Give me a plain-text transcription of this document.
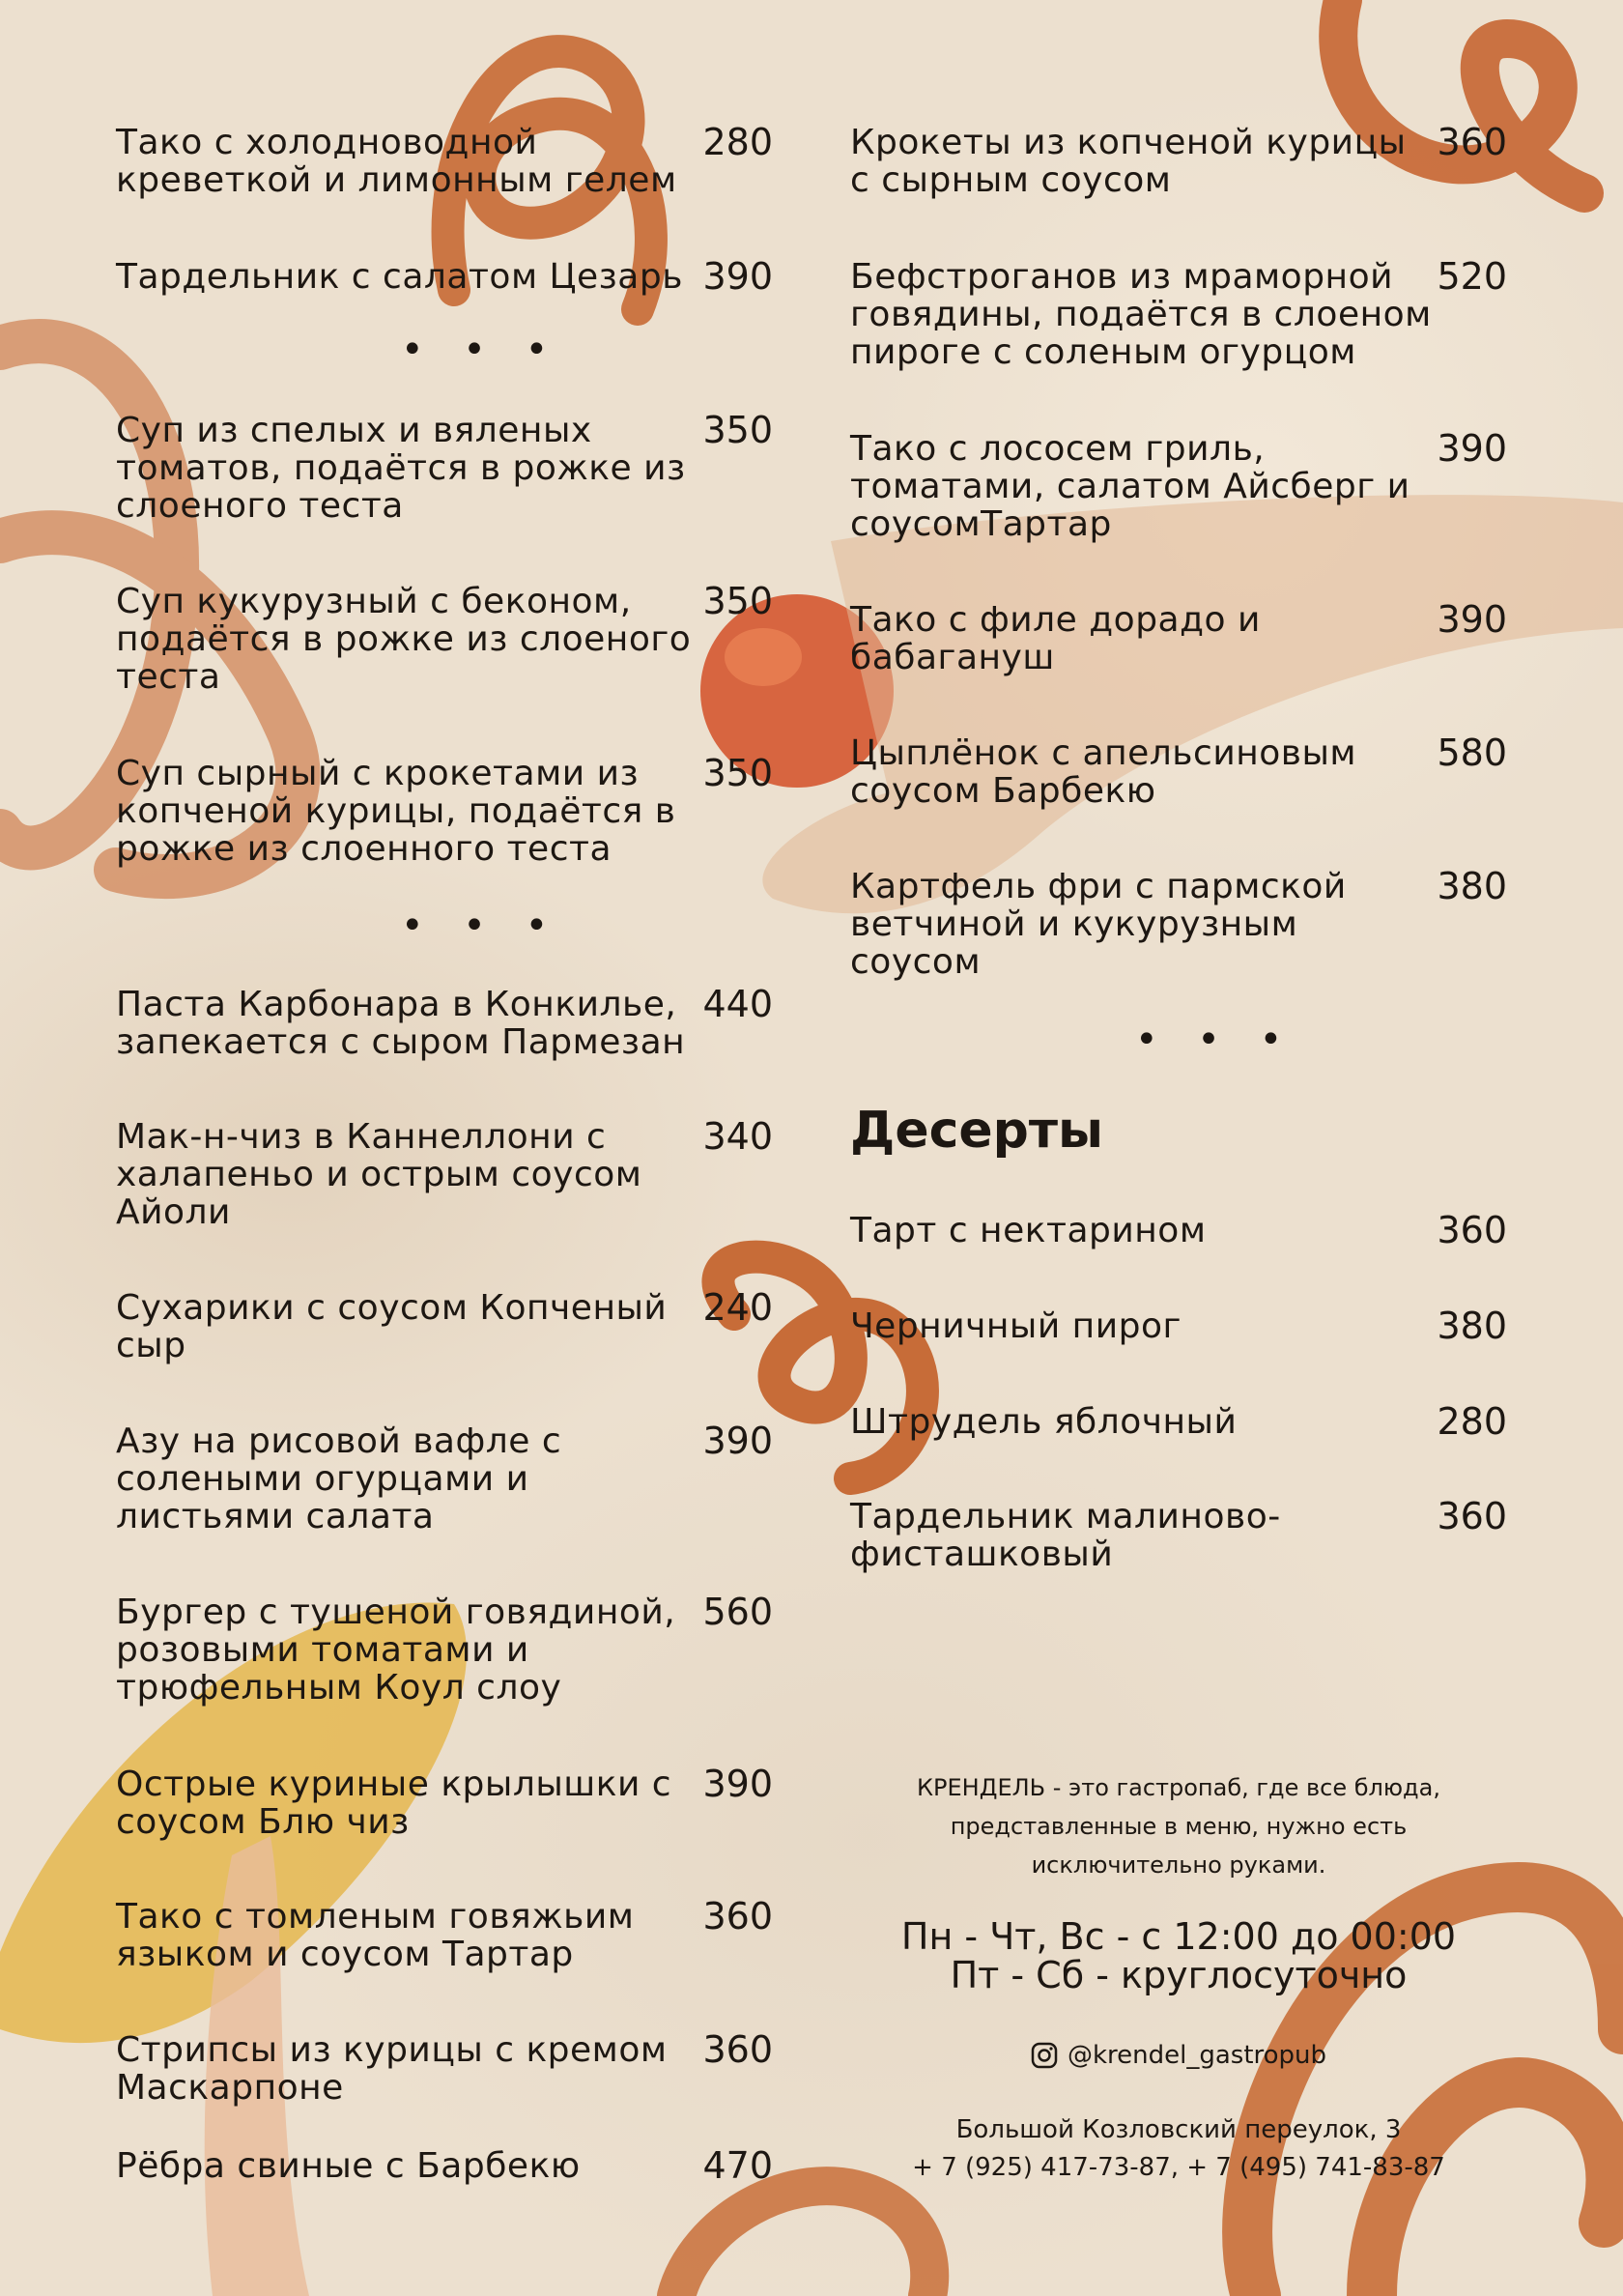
Тако с холодноводной
креветкой и лимонным гелем
280
Тардельник с салатом Цезарь 390
• • •
Суп из спелых и вяленых
томатов, подаётся в рожке из
слоеного теста
350
Суп кукурузный с беконом,
подаётся в рожке из слоеного
теста
350
Суп сырный с крокетами из
копченой курицы, подаётся в
рожке из слоенного теста
350
• • •
Паста Карбонара в Конкилье,
запекается с сыром Пармезан
440
Мак-н-чиз в Каннеллони с
халапеньо и острым соусом
Айоли
340
Сухарики с соусом Копченый
сыр
240
Азу на рисовой вафле с
солеными огурцами и
листьями салата
390
Бургер с тушеной говядиной,
розовыми томатами и
трюфельным Коул слоу
560
Острые куриные крылышки с
соусом Блю чиз
390
Тако с томленым говяжьим
языком и соусом Тартар
360
Стрипсы из курицы с кремом
Маскарпоне
360
Рёбра свиные с Барбекю	470
Крокеты из копченой курицы
с сырным соусом
360
Бефстроганов из мраморной
говядины, подаётся в слоеном
пироге с соленым огурцом
520
Тако с лососем гриль,
томатами, салатом Айсберг и
соусомТартар
390
Тако с филе дорадо и
бабагануш
390
Цыплёнок с апельсиновым
соусом Барбекю
580
Картфель фри с пармской
ветчиной и кукурузным
соусом
380
• • •
Десерты
Тарт с нектарином	360
Черничный пирог	380
Штрудель яблочный	280
Тардельник малиново-
фисташковый
360
КРЕНДЕЛЬ - это гастропаб, где все блюда,
представленные в меню, нужно есть
исключительно руками.
Пн - Чт, Вс - с 12:00 до 00:00
Пт - Сб - круглосуточно
@krendel_gastropub
Большой Козловский переулок, 3
+ 7 (925) 417-73-87, + 7 (495) 741-83-87
